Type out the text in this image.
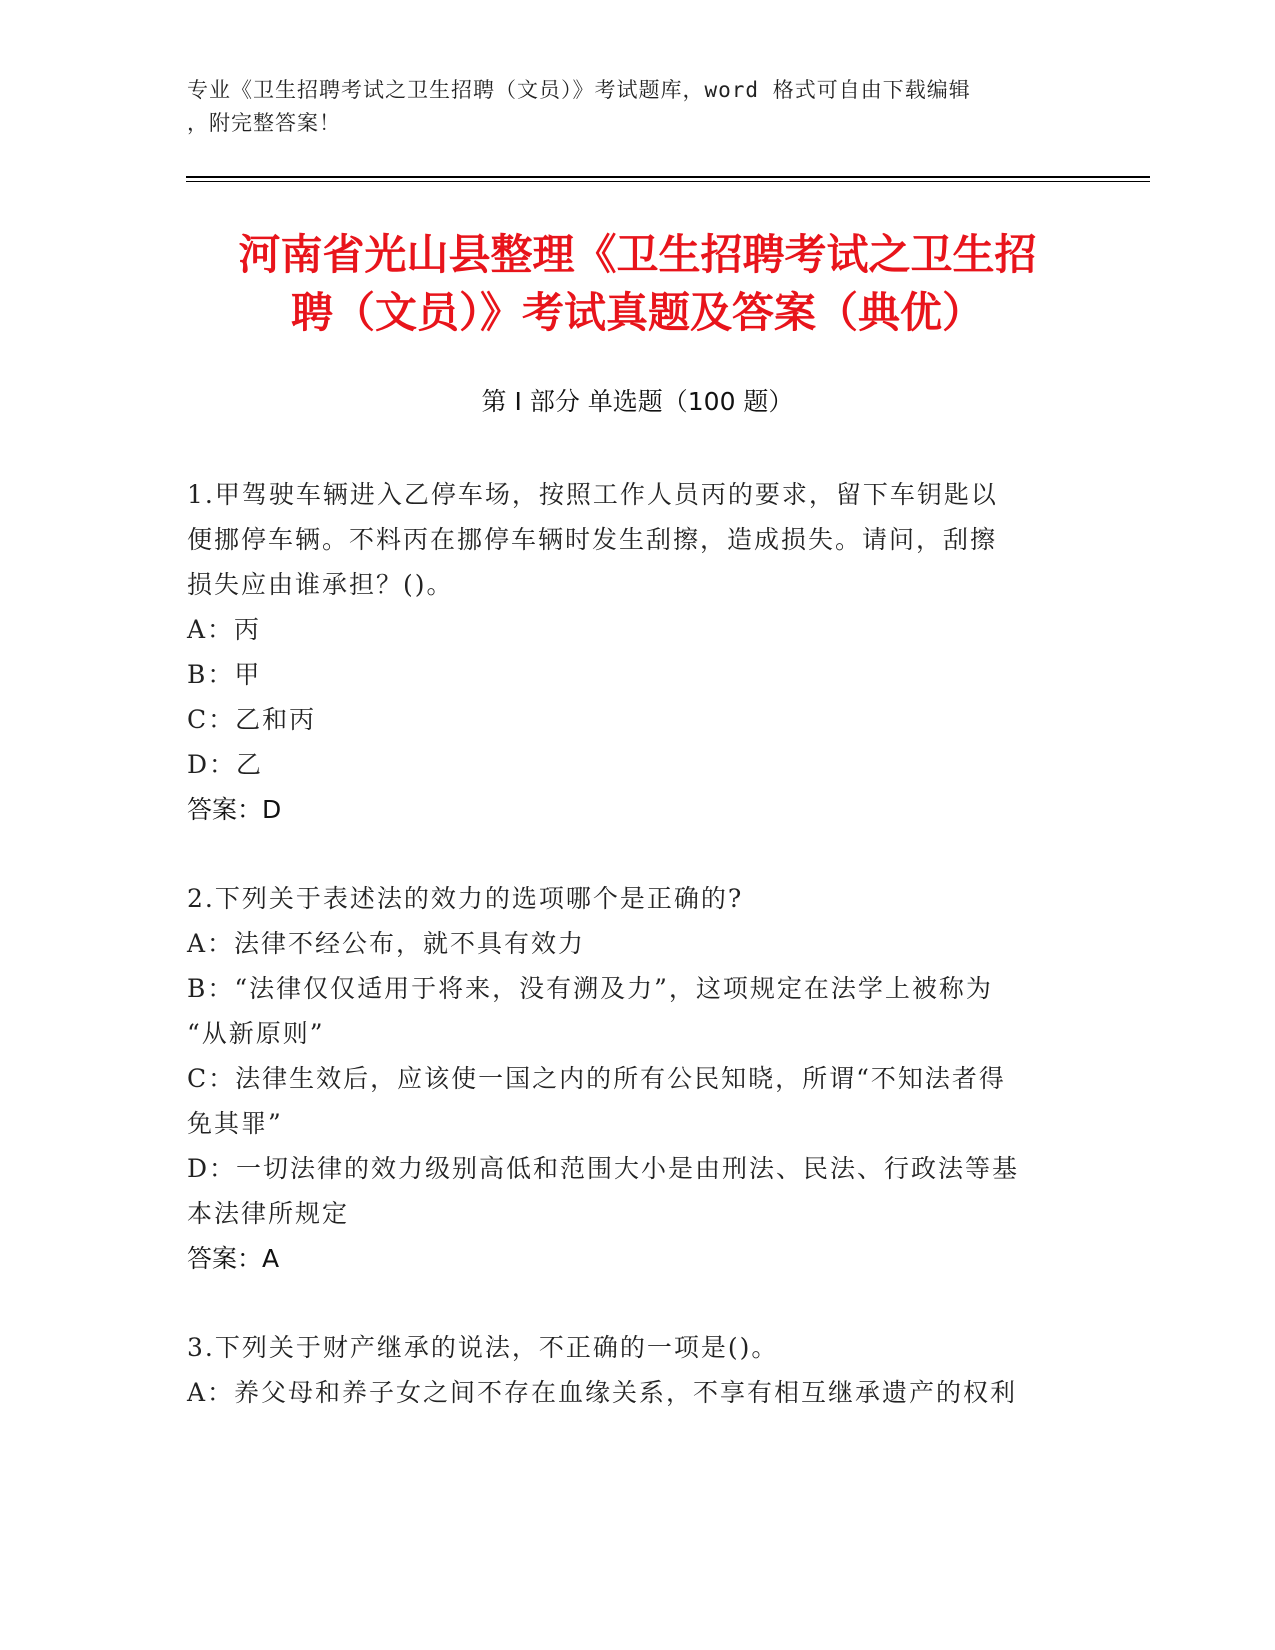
专业《卫生招聘考试之卫生招聘（文员）》考试题库，word 格式可自由下载编辑
，附完整答案！
河南省光山县整理《卫生招聘考试之卫生招
聘（文员）》考试真题及答案（典优）
第 I 部分 单选题（100 题）
1.甲驾驶车辆进入乙停车场，按照工作人员丙的要求，留下车钥匙以
便挪停车辆。不料丙在挪停车辆时发生刮擦，造成损失。请问，刮擦
损失应由谁承担？()。
A：丙
B：甲
C：乙和丙
D：乙
答案：D
2.下列关于表述法的效力的选项哪个是正确的?
A：法律不经公布，就不具有效力
B：“法律仅仅适用于将来，没有溯及力”，这项规定在法学上被称为
“从新原则”
C：法律生效后，应该使一国之内的所有公民知晓，所谓“不知法者得
免其罪”
D：一切法律的效力级别高低和范围大小是由刑法、民法、行政法等基
本法律所规定
答案：A
3.下列关于财产继承的说法，不正确的一项是()。
A：养父母和养子女之间不存在血缘关系，不享有相互继承遗产的权利
